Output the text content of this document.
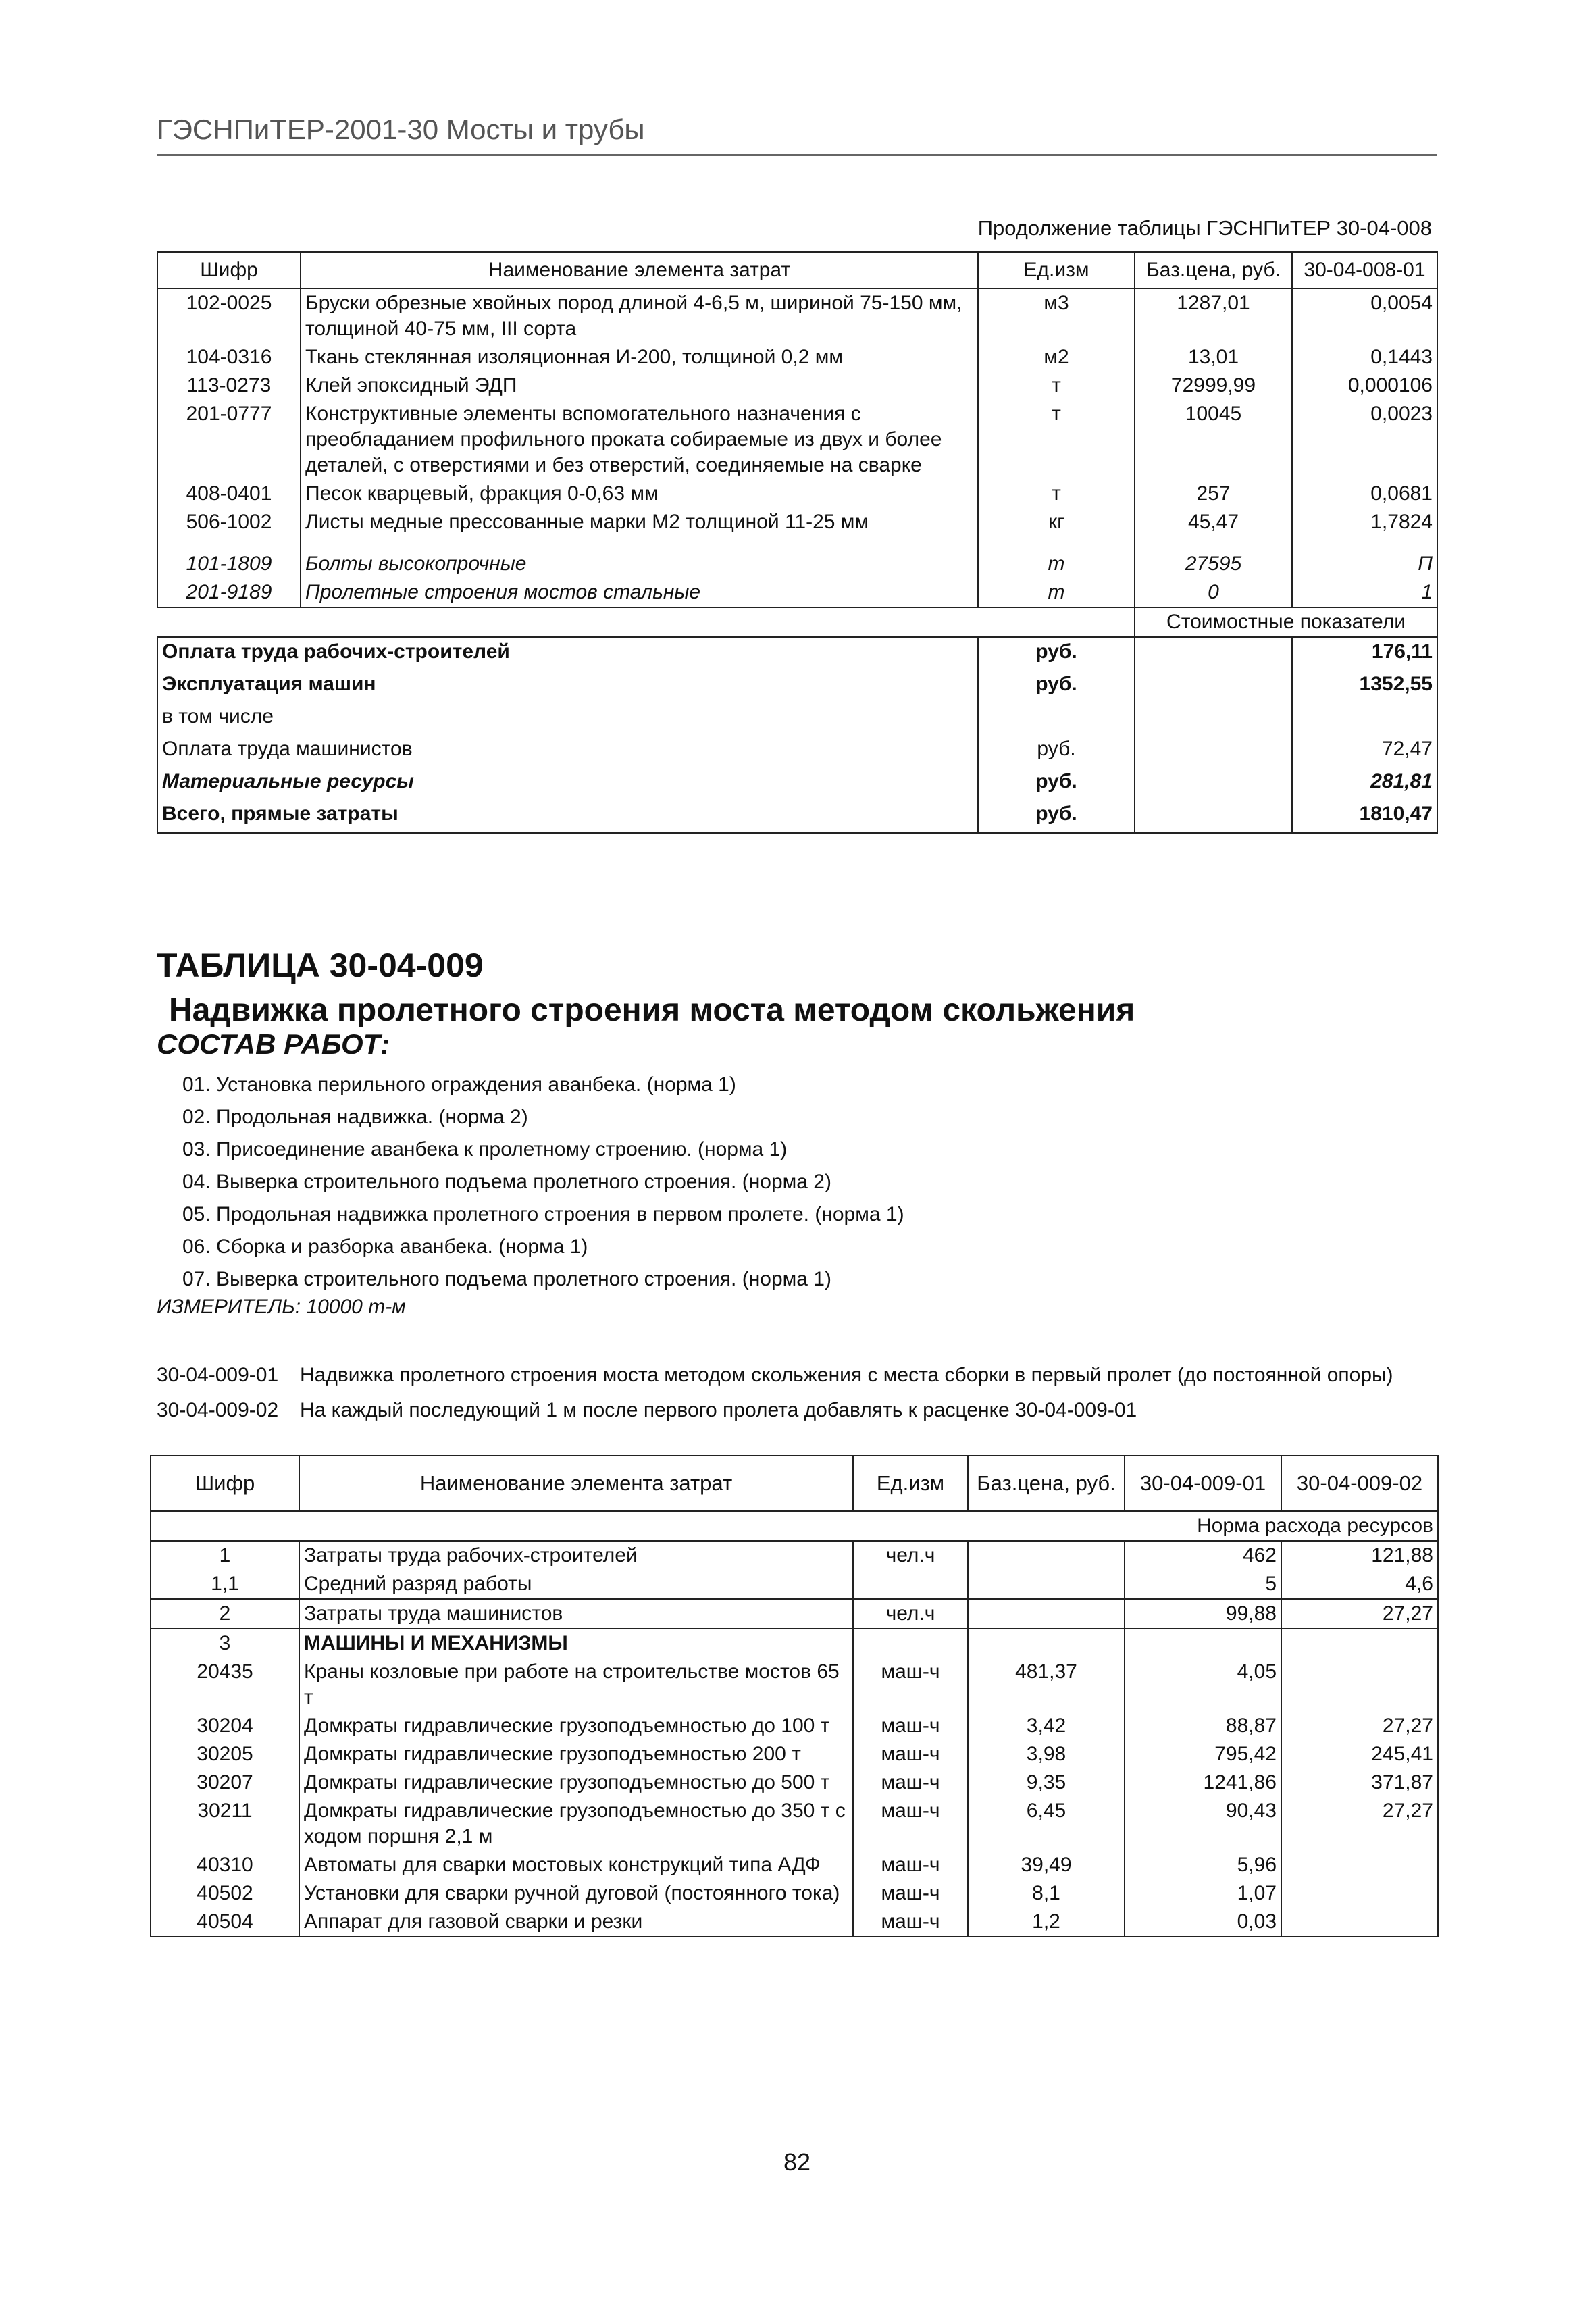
ГЭСНПиТЕР-2001-30 Мосты и трубы
Продолжение таблицы ГЭСНПиТЕР 30-04-008
Шифр	Наименование элемента затрат	Ед.изм	Баз.цена, руб.	30-04-008-01
102-0025	Бруски обрезные хвойных пород длиной 4-6,5 м, шириной 75-150 мм, толщиной 40-75 мм, III сорта	м3	1287,01	0,0054
104-0316	Ткань стеклянная изоляционная И-200, толщиной 0,2 мм	м2	13,01	0,1443
113-0273	Клей эпоксидный ЭДП	т	72999,99	0,000106
201-0777	Конструктивные элементы вспомогательного назначения с преобладанием профильного проката собираемые из двух и более деталей, с отверстиями и без отверстий, соединяемые на сварке	т	10045	0,0023
408-0401	Песок кварцевый, фракция 0-0,63 мм	т	257	0,0681
506-1002	Листы медные прессованные марки М2 толщиной 11-25 мм	кг	45,47	1,7824

101-1809	Болты высокопрочные	т	27595	П
201-9189	Пролетные строения мостов стальные	т	0	1
			Стоимостные показатели	
Оплата труда рабочих-строителей		руб.		176,11
Эксплуатация машин		руб.		1352,55
в том числе				
Оплата труда машинистов		руб.		72,47
Материальные ресурсы		руб.		281,81
Всего, прямые затраты		руб.		1810,47
ТАБЛИЦА 30-04-009
Надвижка пролетного строения моста методом скольжения
СОСТАВ РАБОТ:
01. Установка перильного ограждения аванбека. (норма 1)
02. Продольная надвижка. (норма 2)
03. Присоединение аванбека к пролетному строению. (норма 1)
04. Выверка строительного подъема пролетного строения. (норма 2)
05. Продольная надвижка пролетного строения в первом пролете. (норма 1)
06. Сборка и разборка аванбека. (норма 1)
07. Выверка строительного подъема пролетного строения. (норма 1)
ИЗМЕРИТЕЛЬ: 10000 т-м
30-04-009-01 Надвижка пролетного строения моста методом скольжения с места сборки в первый пролет (до постоянной опоры)
30-04-009-02 На каждый последующий 1 м после первого пролета добавлять к расценке 30-04-009-01
Шифр	Наименование элемента затрат	Ед.изм	Баз.цена, руб.	30-04-009-01	30-04-009-02
				Норма расхода ресурсов	
1	Затраты труда рабочих-строителей	чел.ч		462	121,88
1,1	Средний разряд работы			5	4,6
2	Затраты труда машинистов	чел.ч		99,88	27,27
3	МАШИНЫ И МЕХАНИЗМЫ				
20435	Краны козловые при работе на строительстве мостов 65 т	маш-ч	481,37	4,05	
30204	Домкраты гидравлические грузоподъемностью до 100 т	маш-ч	3,42	88,87	27,27
30205	Домкраты гидравлические грузоподъемностью 200 т	маш-ч	3,98	795,42	245,41
30207	Домкраты гидравлические грузоподъемностью до 500 т	маш-ч	9,35	1241,86	371,87
30211	Домкраты гидравлические грузоподъемностью до 350 т с ходом поршня 2,1 м	маш-ч	6,45	90,43	27,27
40310	Автоматы для сварки мостовых конструкций типа АДФ	маш-ч	39,49	5,96	
40502	Установки для сварки ручной дуговой (постоянного тока)	маш-ч	8,1	1,07	
40504	Аппарат для газовой сварки и резки	маш-ч	1,2	0,03	
82
